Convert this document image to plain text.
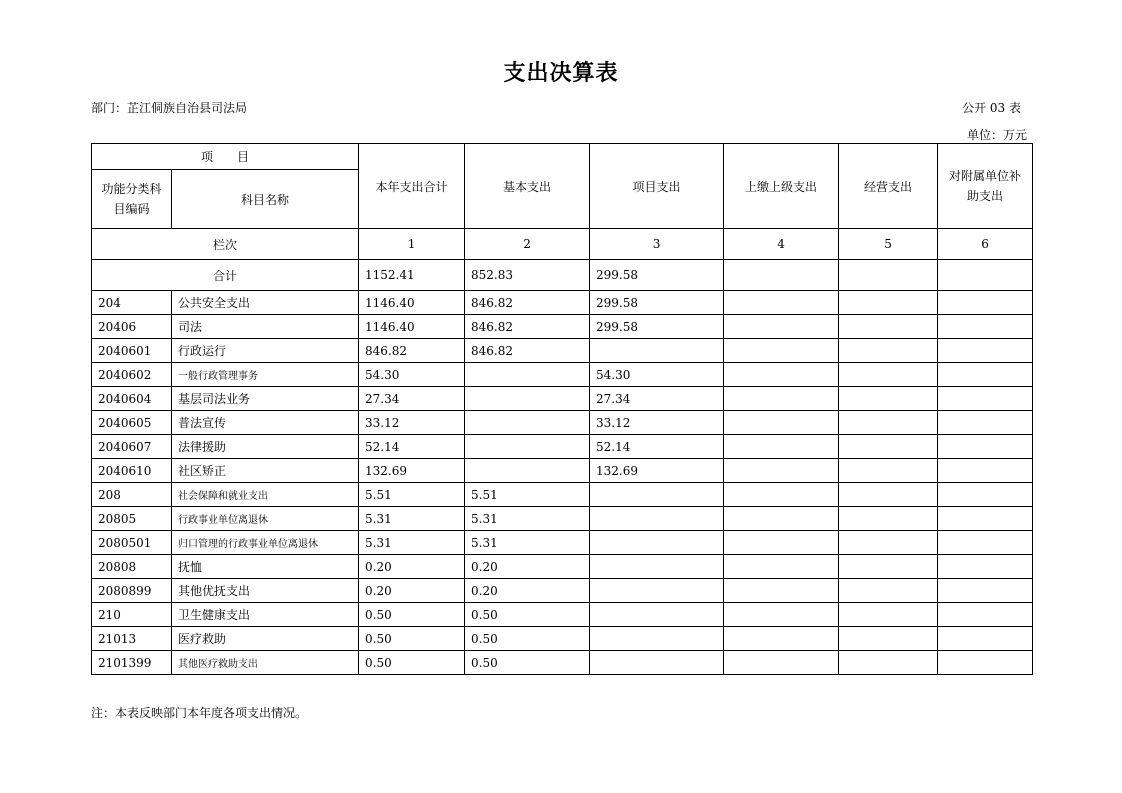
支出决算表
部门：芷江侗族自治县司法局	公开 03 表
单位：万元
项　　目		本年支出合计	基本支出	项目支出	上缴上级支出	经营支出	对附属单位补助支出
功能分类科目编码	科目名称						
栏次		1	2	3	4	5	6
合计		1152.41	852.83	299.58			
204	公共安全支出	1146.40	846.82	299.58			
20406	司法	1146.40	846.82	299.58			
2040601	行政运行	846.82	846.82				
2040602	一般行政管理事务	54.30		54.30			
2040604	基层司法业务	27.34		27.34			
2040605	普法宣传	33.12		33.12			
2040607	法律援助	52.14		52.14			
2040610	社区矫正	132.69		132.69			
208	社会保障和就业支出	5.51	5.51				
20805	行政事业单位离退休	5.31	5.31				
2080501	归口管理的行政事业单位离退休	5.31	5.31				
20808	抚恤	0.20	0.20				
2080899	其他优抚支出	0.20	0.20				
210	卫生健康支出	0.50	0.50				
21013	医疗救助	0.50	0.50				
2101399	其他医疗救助支出	0.50	0.50				
注：本表反映部门本年度各项支出情况。
